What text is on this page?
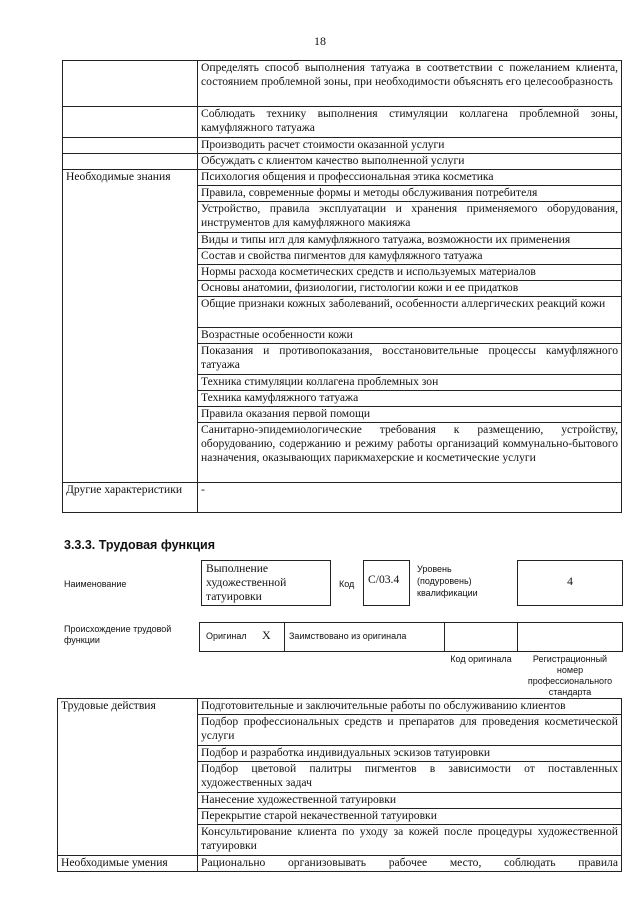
18
	Определять способ выполнения татуажа в соответствии с пожеланием клиента, состоянием проблемной зоны, при необходимости объяснять его целесообразность
	Соблюдать технику выполнения стимуляции коллагена проблемной зоны, камуфляжного татуажа
	Производить расчет стоимости оказанной услуги
	Обсуждать с клиентом качество выполненной услуги
Необходимые знания	Психология общения и профессиональная этика косметика
	Правила, современные формы и методы обслуживания потребителя
	Устройство, правила эксплуатации и хранения применяемого оборудования, инструментов для камуфляжного макияжа
	Виды и типы игл для камуфляжного татуажа, возможности их применения
	Состав и свойства пигментов для камуфляжного татуажа
	Нормы расхода косметических средств и используемых материалов
	Основы анатомии, физиологии, гистологии кожи и ее придатков
	Общие признаки кожных заболеваний, особенности аллергических реакций кожи
	Возрастные особенности кожи
	Показания и противопоказания, восстановительные процессы камуфляжного татуажа
	Техника стимуляции коллагена проблемных зон
	Техника камуфляжного татуажа
	Правила оказания первой помощи
	Санитарно-эпидемиологические требования к размещению, устройству, оборудованию, содержанию и режиму работы организаций коммунально-бытового назначения, оказывающих парикмахерские и косметические услуги
Другие характеристики	-
3.3.3. Трудовая функция
Наименование
Выполнение художественной татуировки
Код	C/03.4
Уровень (подуровень) квалификации
4
Происхождение трудовой функции	Оригинал X Заимствовано из оригинала
Код оригинала	Регистрационный номер профессионального стандарта
Трудовые действия	Подготовительные и заключительные работы по обслуживанию клиентов
	Подбор профессиональных средств и препаратов для проведения косметической услуги
	Подбор и разработка индивидуальных эскизов татуировки
	Подбор цветовой палитры пигментов в зависимости от поставленных художественных задач
	Нанесение художественной татуировки
	Перекрытие старой некачественной татуировки
	Консультирование клиента по уходу за кожей после процедуры художественной татуировки
Необходимые умения	Рационально организовывать рабочее место, соблюдать правила
